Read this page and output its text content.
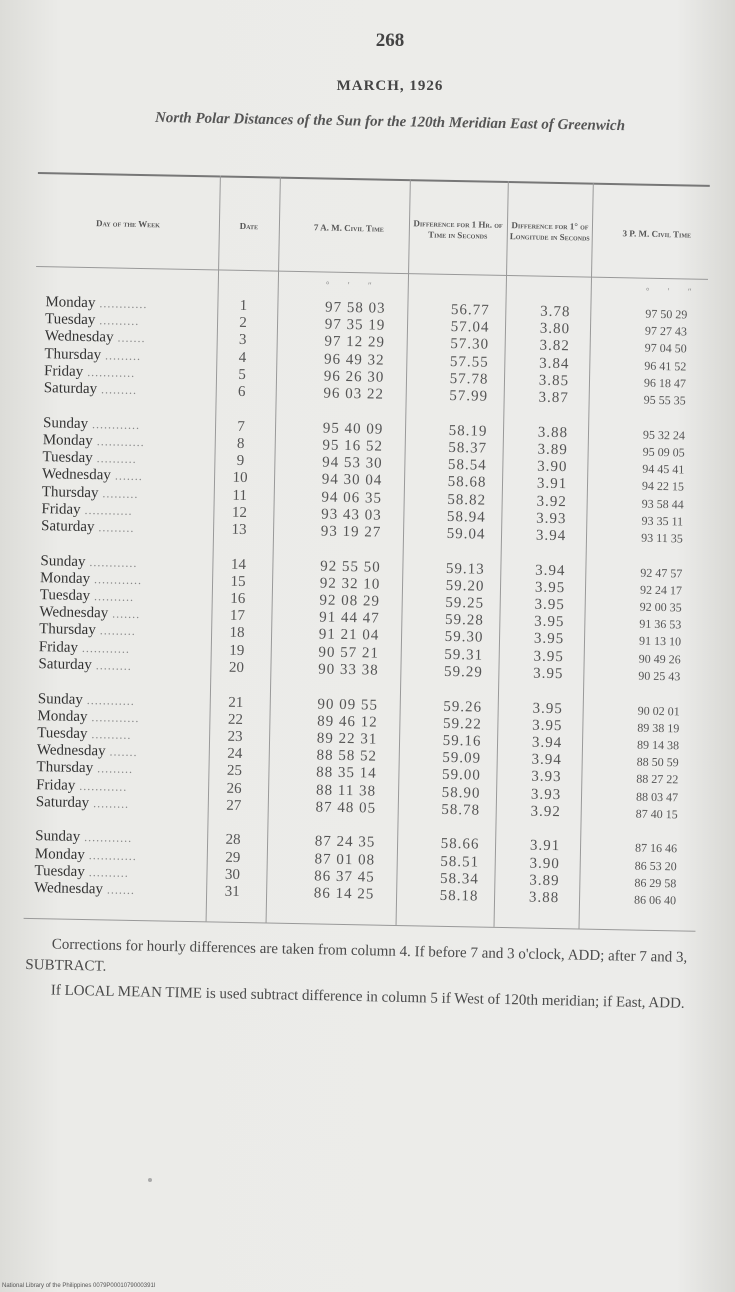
268
MARCH, 1926
North Polar Distances of the Sun for the 120th Meridian East of Greenwich
Day of the Week	Date	7 A. M. Civil Time	Difference for 1 Hr. of Time in Seconds
Difference for 1° of Longitude in Seconds	3 P. M. Civil Time
° ′ ″
° ′ ″
Monday ............	1	97 58 03	56.77	3.78	97 50 29
Tuesday ..........	2	97 35 19	57.04	3.80	97 27 43
Wednesday .......	3	97 12 29	57.30	3.82	97 04 50
Thursday .........	4	96 49 32	57.55	3.84	96 41 52
Friday ............	5	96 26 30	57.78	3.85	96 18 47
Saturday .........	6	96 03 22	57.99	3.87	95 55 35
Sunday ............	7	95 40 09	58.19	3.88	95 32 24
Monday ............	8	95 16 52	58.37	3.89	95 09 05
Tuesday ..........	9	94 53 30	58.54	3.90	94 45 41
Wednesday .......	10	94 30 04	58.68	3.91	94 22 15
Thursday .........	11	94 06 35	58.82	3.92	93 58 44
Friday ............	12	93 43 03	58.94	3.93	93 35 11
Saturday .........	13	93 19 27	59.04	3.94	93 11 35
Sunday ............	14	92 55 50	59.13	3.94	92 47 57
Monday ............	15	92 32 10	59.20	3.95	92 24 17
Tuesday ..........	16	92 08 29	59.25	3.95	92 00 35
Wednesday .......	17	91 44 47	59.28	3.95	91 36 53
Thursday .........	18	91 21 04	59.30	3.95	91 13 10
Friday ............	19	90 57 21	59.31	3.95	90 49 26
Saturday .........	20	90 33 38	59.29	3.95	90 25 43
Sunday ............	21	90 09 55	59.26	3.95	90 02 01
Monday ............	22	89 46 12	59.22	3.95	89 38 19
Tuesday ..........	23	89 22 31	59.16	3.94	89 14 38
Wednesday .......	24	88 58 52	59.09	3.94	88 50 59
Thursday .........	25	88 35 14	59.00	3.93	88 27 22
Friday ............	26	88 11 38	58.90	3.93	88 03 47
Saturday .........	27	87 48 05	58.78	3.92	87 40 15
Sunday ............	28	87 24 35	58.66	3.91	87 16 46
Monday ............	29	87 01 08	58.51	3.90	86 53 20
Tuesday ..........	30	86 37 45	58.34	3.89	86 29 58
Wednesday .......	31	86 14 25	58.18	3.88	86 06 40

Corrections for hourly differences are taken from column 4. If before 7 and 3 o'clock, ADD; after 7 and 3, SUBTRACT.

If LOCAL MEAN TIME is used subtract difference in column 5 if West of 120th meridian; if East, ADD.

National Library of the Philippines 0079P0001079000391I
